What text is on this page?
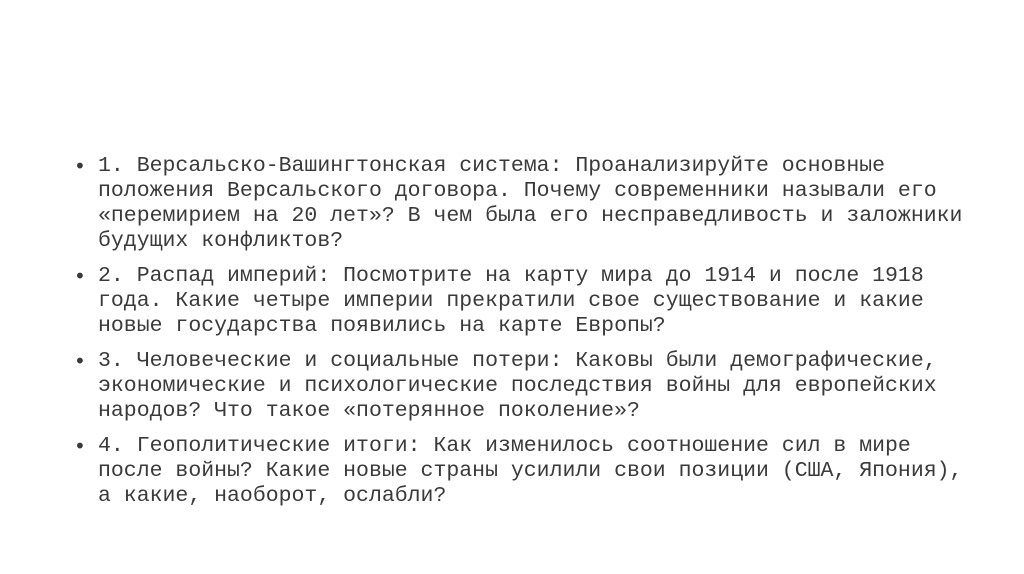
• 1. Версальско-Вашингтонская система: Проанализируйте основные положения Версальского договора. Почему современники называли его «перемирием на 20 лет»? В чем была его несправедливость и заложники будущих конфликтов?
• 2. Распад империй: Посмотрите на карту мира до 1914 и после 1918 года. Какие четыре империи прекратили свое существование и какие новые государства появились на карте Европы?
• 3. Человеческие и социальные потери: Каковы были демографические, экономические и психологические последствия войны для европейских народов? Что такое «потерянное поколение»?
• 4. Геополитические итоги: Как изменилось соотношение сил в мире после войны? Какие новые страны усилили свои позиции (США, Япония), а какие, наоборот, ослабли?
